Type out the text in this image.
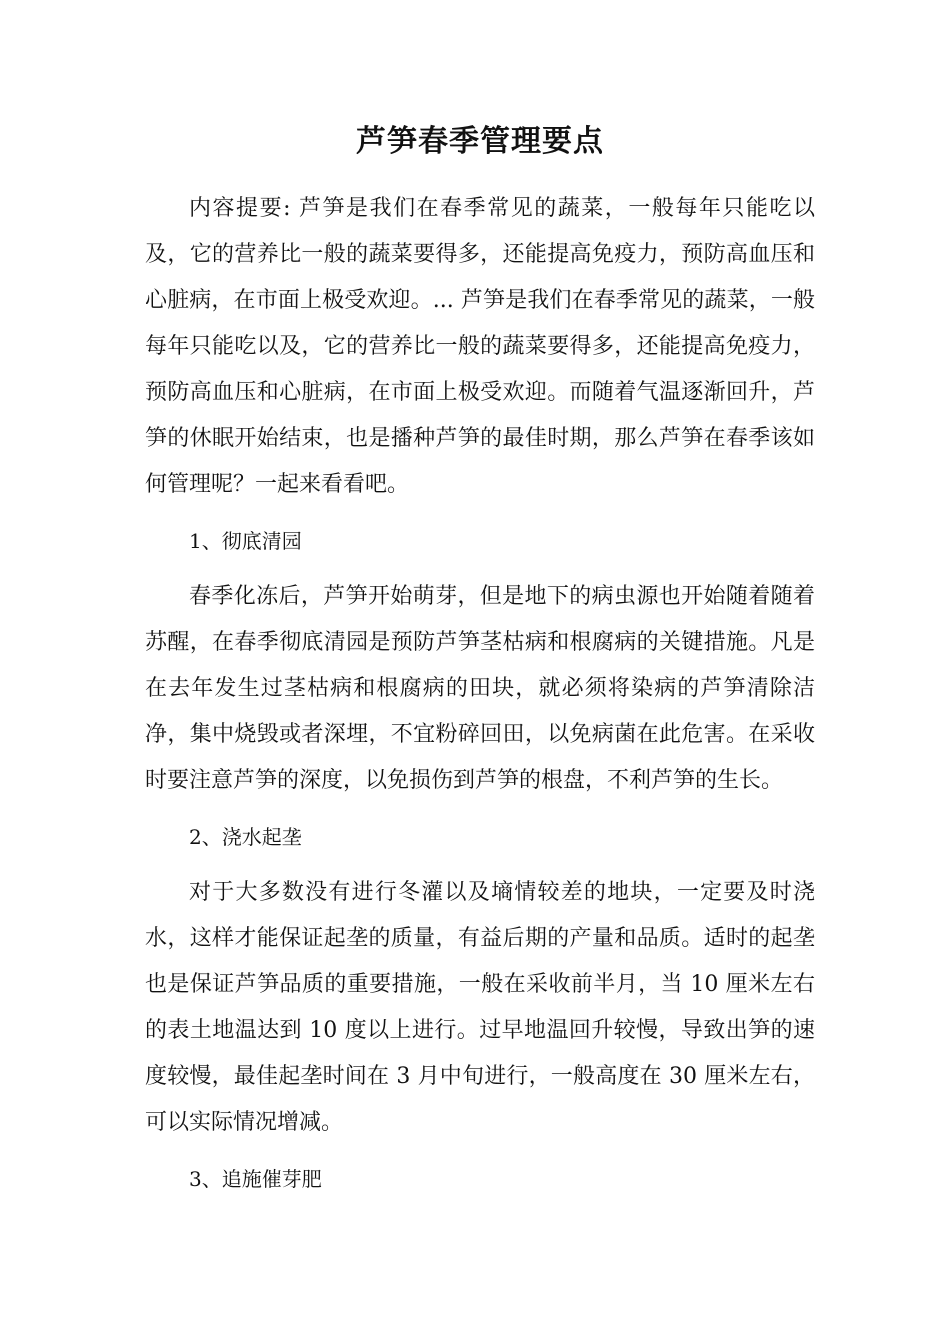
芦笋春季管理要点

内容提要: 芦笋是我们在春季常见的蔬菜，一般每年只能吃以及，它的营养比一般的蔬菜要得多，还能提高免疫力，预防高血压和心脏病，在市面上极受欢迎。... 芦笋是我们在春季常见的蔬菜，一般每年只能吃以及，它的营养比一般的蔬菜要得多，还能提高免疫力，预防高血压和心脏病，在市面上极受欢迎。而随着气温逐渐回升，芦笋的休眠开始结束，也是播种芦笋的最佳时期，那么芦笋在春季该如何管理呢？一起来看看吧。

1、彻底清园

春季化冻后，芦笋开始萌芽，但是地下的病虫源也开始随着随着苏醒，在春季彻底清园是预防芦笋茎枯病和根腐病的关键措施。凡是在去年发生过茎枯病和根腐病的田块，就必须将染病的芦笋清除洁净，集中烧毁或者深埋，不宜粉碎回田，以免病菌在此危害。在采收时要注意芦笋的深度，以免损伤到芦笋的根盘，不利芦笋的生长。

2、浇水起垄

对于大多数没有进行冬灌以及墒情较差的地块，一定要及时浇水，这样才能保证起垄的质量，有益后期的产量和品质。适时的起垄也是保证芦笋品质的重要措施，一般在采收前半月，当 10 厘米左右的表土地温达到 10 度以上进行。过早地温回升较慢，导致出笋的速度较慢，最佳起垄时间在 3 月中旬进行，一般高度在 30 厘米左右，可以实际情况增减。

3、追施催芽肥
